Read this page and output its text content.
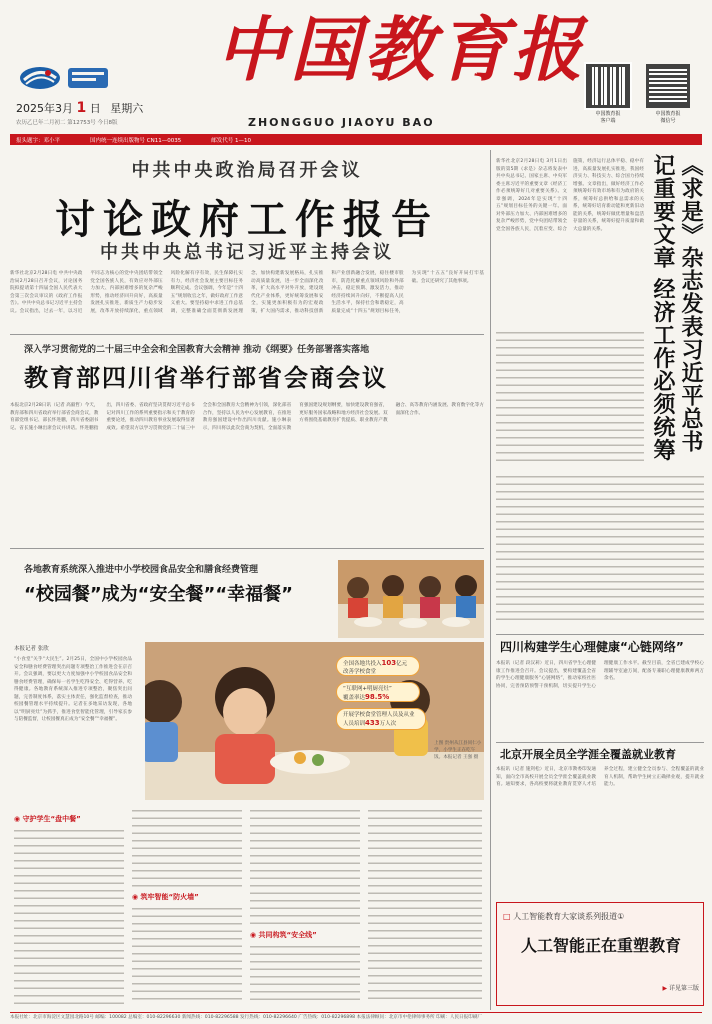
中国教育报
ZHONGGUO JIAOYU BAO
2025年3月 1 日 星期六
农历乙巳年二月初二 第12753号 今日8版
中国教育报
客户端
中国教育报
微信号
报头题字：邓小平	国内统一连续出版物号 CN11—0035	邮发代号 1—10
中共中央政治局召开会议
讨论政府工作报告
中共中央总书记习近平主持会议
新华社北京2月28日电 中共中央政治局2月28日召开会议，讨论国务院拟提请第十四届全国人民代表大会第三次会议审议的《政府工作报告》。中共中央总书记习近平主持会议。会议指出，过去一年，以习近平同志为核心的党中央团结带领全党全国各族人民，有效应对外部压力加大、内部困难增多的复杂严峻形势，推动经济回升向好，高质量发展扎实推进，新质生产力稳步发展，改革开放持续深化，重点领域风险化解有序有效，民生保障扎实有力，经济社会发展主要目标任务顺利完成。会议强调，今年是“十四五”规划收官之年，做好政府工作意义重大。要坚持稳中求进工作总基调，完整准确全面贯彻新发展理念，加快构建新发展格局，扎实推动高质量发展，进一步全面深化改革，扩大高水平对外开放，建设现代化产业体系，更好统筹发展和安全，实施更加积极有为的宏观政策，扩大国内需求，推动科技创新和产业创新融合发展，稳住楼市股市，防范化解重点领域风险和外部冲击，稳定预期、激发活力，推动经济持续回升向好，不断提高人民生活水平，保持社会和谐稳定，高质量完成“十四五”规划目标任务，为实现“十五五”良好开局打牢基础。会议还研究了其他事项。
深入学习贯彻党的二十届三中全会和全国教育大会精神 推动《纲要》任务部署落实落地
教育部四川省举行部省会商会议
本报北京2月28日讯（记者 高毅哲）今天，教育部和四川省政府举行部省会商会议，教育部党组书记、部长怀进鹏，四川省委副书记、省长施小琳出席会议并讲话。怀进鹏指出，四川省委、省政府坚决贯彻习近平总书记对四川工作的系列重要指示和关于教育的重要论述，推动四川教育事业发展取得显著成效。希望双方以学习贯彻党的二十届三中全会和全国教育大会精神为引领，深化部省合作，坚持以人民为中心发展教育，在推进教育强国建设中作出四川贡献。施小琳表示，四川将以此次会商为契机，全面落实教育强国建设规划纲要，加快建设教育强省，更好服务国家战略和地方经济社会发展。双方将围绕基础教育扩优提质、职业教育产教融合、高等教育内涵发展、教育数字化等方面深化合作。
各地教育系统深入推进中小学校园食品安全和膳食经费管理
“校园餐”成为“安全餐”“幸福餐”
全国各地共投入103亿元
改善学校食堂
“互联网+明厨亮灶”
覆盖率达98.5%
开展学校食堂管理人员及从业人员培训433万人次
本报记者 张欣
“小食堂”关乎“大民生”。2月25日，全国中小学校园食品安全和膳食经费管理突出问题专项整治工作推进会在京召开。会议强调，要以更大力度加强中小学校园食品安全和膳食经费管理，确保每一名学生吃得安全、吃得营养、吃得健康。各地教育系统深入推进专项整治，聚焦突出问题，完善制度体系，落实主体责任，强化监督检查，推动校园餐管理水平持续提升。记者在多地采访发现，各地以“明厨亮灶”为抓手，推进食堂智能化管理，引导家长参与陪餐监督，让校园餐真正成为“安全餐”“幸福餐”。
上图 贵州从江县同仁小学，小学生正在吃午饭。本报记者 王强 摄
◉ 守护学生“盘中餐”
◉ 筑牢智能“防火墙”
◉ 共同构筑“安全线”
新华社北京2月28日电 3月1日出版的第5期《求是》杂志将发表中共中央总书记、国家主席、中央军委主席习近平的重要文章《经济工作必须统筹好几对重要关系》。文章强调，2024年是实现“十四五”规划目标任务的关键一年。面对外部压力加大、内部困难增多的复杂严峻形势，党中央团结带领全党全国各族人民，沉着应变、综合施策，经济运行总体平稳、稳中有进，高质量发展扎实推进，我国经济实力、科技实力、综合国力持续增强。文章指出，做好经济工作必须统筹好有效市场和有为政府的关系，统筹好总供给和总需求的关系，统筹好培育新动能和更新旧动能的关系，统筹好做优增量和盘活存量的关系，统筹好提升质量和做大总量的关系。	《求是》杂志发表习近平总书记重要文章 经济工作必须统筹
四川构建学生心理健康“心链网络”
本报讯（记者 段汉莉）近日，四川省学生心理健康工作推进会召开。会议提出，要构建覆盖全省的学生心理健康服务“心链网络”，推动家校社医协同，完善预防预警干预机制，切实提升学生心理健康工作水平。截至目前，全省已建成学校心理辅导室逾万间，配备专兼职心理健康教师两万余名。
北京开展全员全学涯全覆盖就业教育
本报讯（记者 施剑松）近日，北京市教委印发通知，面向全市高校开展全员全学涯全覆盖就业教育。通知要求，各高校要将就业教育贯穿人才培养全过程，建立健全全员参与、全程覆盖的就业育人机制，帮助学生树立正确择业观，提升就业能力。
□ 人工智能教育大家谈系列报道①
人工智能正在重塑教育
▶ 详见第三版
本报社址：北京市海淀区文慧园北路10号 邮编：100082 总编室：010-82296630 新闻热线：010-82296588 发行热线：010-82296640 广告热线：010-82296898 本报法律顾问：北京市中伦律师事务所 印刷：人民日报印刷厂
